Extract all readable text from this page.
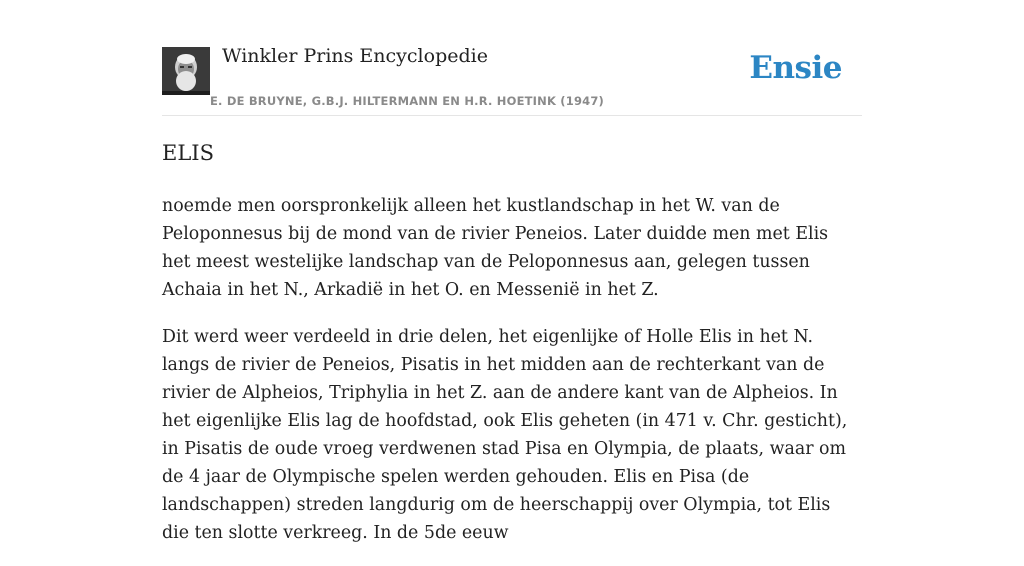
Winkler Prins Encyclopedie
E. DE BRUYNE, G.B.J. HILTERMANN EN H.R. HOETINK (1947)
Ensie
ELIS

noemde men oorspronkelijk alleen het kustlandschap in het W. van de Peloponnesus bij de mond van de rivier Peneios. Later duidde men met Elis het meest westelijke landschap van de Peloponnesus aan, gelegen tussen Achaia in het N., Arkadië in het O. en Messenië in het Z.

Dit werd weer verdeeld in drie delen, het eigenlijke of Holle Elis in het N. langs de rivier de Peneios, Pisatis in het midden aan de rechterkant van de rivier de Alpheios, Triphylia in het Z. aan de andere kant van de Alpheios. In het eigenlijke Elis lag de hoofdstad, ook Elis geheten (in 471 v. Chr. gesticht), in Pisatis de oude vroeg verdwenen stad Pisa en Olympia, de plaats, waar om de 4 jaar de Olympische spelen werden gehouden. Elis en Pisa (de landschappen) streden langdurig om de heerschappij over Olympia, tot Elis die ten slotte verkreeg. In de 5de eeuw
